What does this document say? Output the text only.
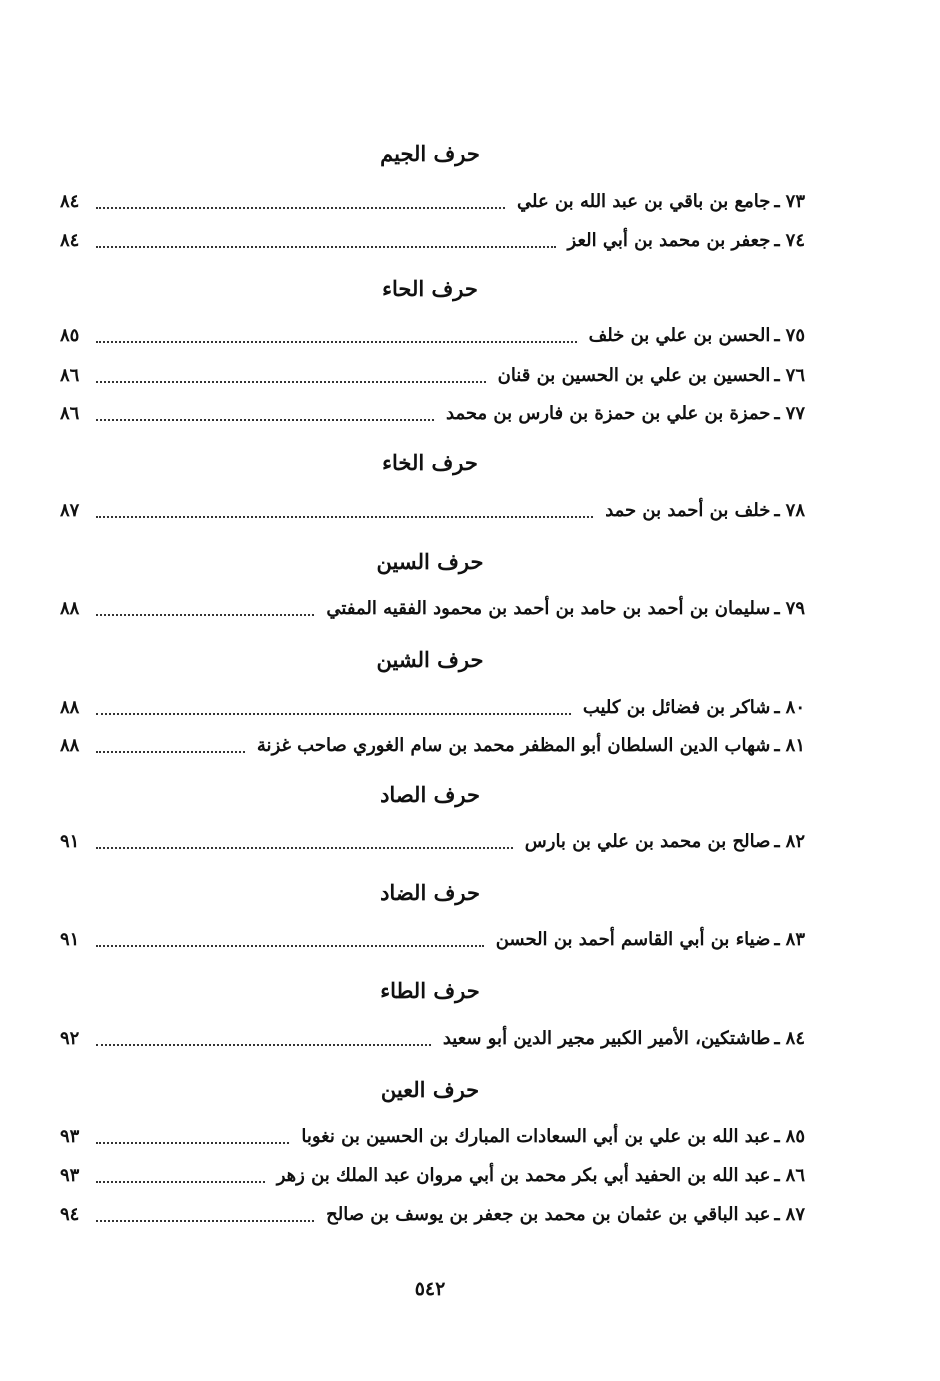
حرف الجيم
٧٣
ـ
جامع بن باقي بن عبد الله بن علي
٨٤
٧٤
ـ
جعفر بن محمد بن أبي العز
٨٤
حرف الحاء
٧٥
ـ
الحسن بن علي بن خلف
٨٥
٧٦
ـ
الحسين بن علي بن الحسين بن قنان
٨٦
٧٧
ـ
حمزة بن علي بن حمزة بن فارس بن محمد
٨٦
حرف الخاء
٧٨
ـ
خلف بن أحمد بن حمد
٨٧
حرف السين
٧٩
ـ
سليمان بن أحمد بن حامد بن أحمد بن محمود الفقيه المفتي
٨٨
حرف الشين
٨٠
ـ
شاكر بن فضائل بن كليب
٨٨
٨١
ـ
شهاب الدين السلطان أبو المظفر محمد بن سام الغوري صاحب غزنة
٨٨
حرف الصاد
٨٢
ـ
صالح بن محمد بن علي بن بارس
٩١
حرف الضاد
٨٣
ـ
ضياء بن أبي القاسم أحمد بن الحسن
٩١
حرف الطاء
٨٤
ـ
طاشتكين، الأمير الكبير مجير الدين أبو سعيد
٩٢
حرف العين
٨٥
ـ
عبد الله بن علي بن أبي السعادات المبارك بن الحسين بن نغوبا
٩٣
٨٦
ـ
عبد الله بن الحفيد أبي بكر محمد بن أبي مروان عبد الملك بن زهر
٩٣
٨٧
ـ
عبد الباقي بن عثمان بن محمد بن جعفر بن يوسف بن صالح
٩٤
٥٤٢
